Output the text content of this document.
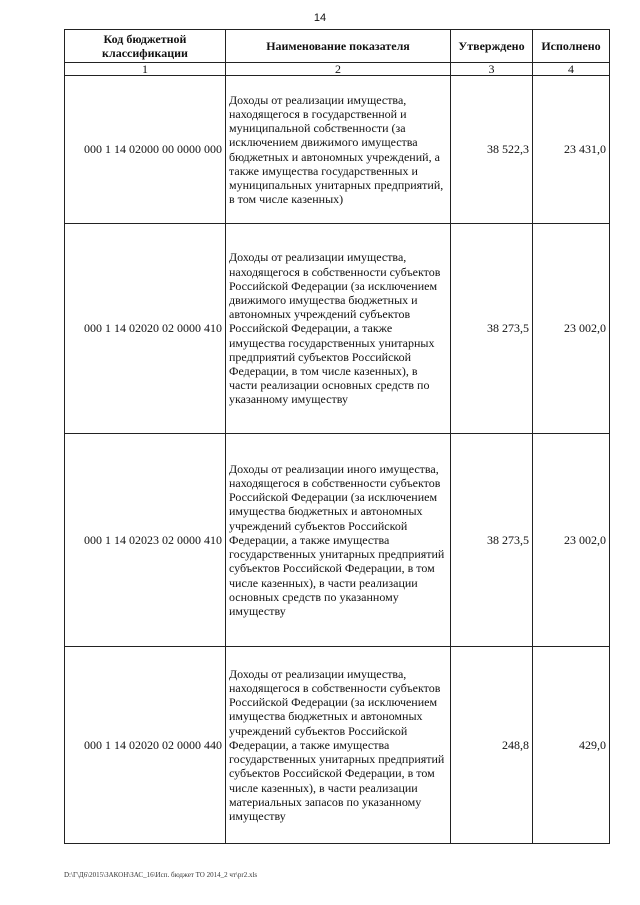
14
Код бюджетной классификации	Наименование показателя	Утверждено	Исполнено
1	2	3	4
000 1 14 02000 00 0000 000	Доходы от реализации имущества, находящегося в государственной и муниципальной собственности (за исключением движимого имущества бюджетных и автономных учреждений, а также имущества государственных и муниципальных унитарных предприятий, в том числе казенных)	38 522,3	23 431,0
000 1 14 02020 02 0000 410	Доходы от реализации имущества, находящегося в собственности субъектов Российской Федерации (за исключением движимого имущества бюджетных и автономных учреждений субъектов Российской Федерации, а также имущества государственных унитарных предприятий субъектов Российской Федерации, в том числе казенных), в части реализации основных средств по указанному имуществу	38 273,5	23 002,0
000 1 14 02023 02 0000 410	Доходы от реализации иного имущества, находящегося в собственности субъектов Российской Федерации (за исключением имущества бюджетных и автономных учреждений субъектов Российской Федерации, а также имущества государственных унитарных предприятий субъектов Российской Федерации, в том числе казенных), в части реализации основных средств по указанному имуществу	38 273,5	23 002,0
000 1 14 02020 02 0000 440	Доходы от реализации имущества, находящегося в собственности субъектов Российской Федерации (за исключением имущества бюджетных и автономных учреждений субъектов Российской Федерации, а также имущества государственных унитарных предприятий субъектов Российской Федерации, в том числе казенных), в части реализации материальных запасов по указанному имуществу	248,8	429,0
D:\Г\Д6\2015\ЗАКОН\ЗАС_16\Исп. бюджет ТО 2014_2 чт\pr2.xls
